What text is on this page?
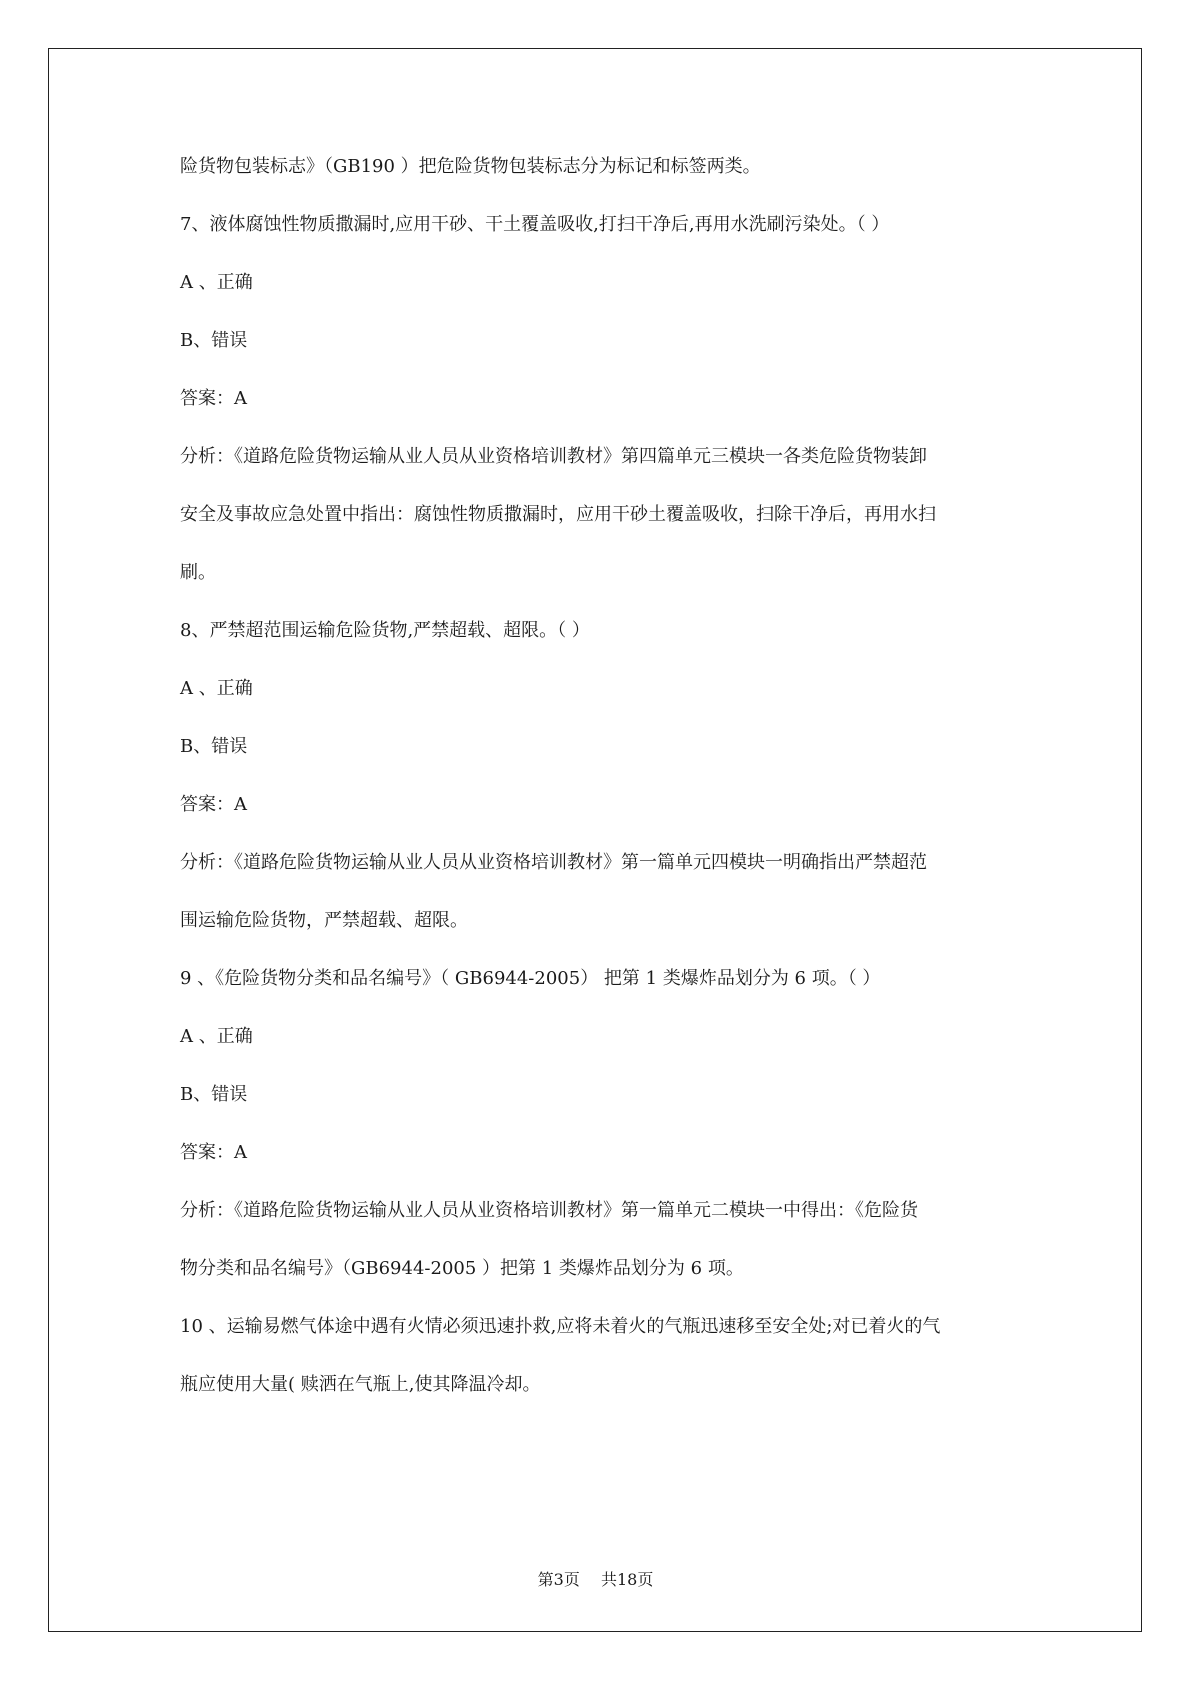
险货物包装标志》（GB190 ）把危险货物包装标志分为标记和标签两类。
7、液体腐蚀性物质撒漏时,应用干砂、干土覆盖吸收,打扫干净后,再用水洗刷污染处。（ ）
A 、正确
B、错误
答案：A
分析：《道路危险货物运输从业人员从业资格培训教材》第四篇单元三模块一各类危险货物装卸
安全及事故应急处置中指出：腐蚀性物质撒漏时，应用干砂土覆盖吸收，扫除干净后，再用水扫
刷。
8、严禁超范围运输危险货物,严禁超载、超限。（ ）
A 、正确
B、错误
答案：A
分析：《道路危险货物运输从业人员从业资格培训教材》第一篇单元四模块一明确指出严禁超范
围运输危险货物，严禁超载、超限。
9 、《危险货物分类和品名编号》（ GB6944-2005） 把第 1 类爆炸品划分为 6 项。（ ）
A 、正确
B、错误
答案：A
分析：《道路危险货物运输从业人员从业资格培训教材》第一篇单元二模块一中得出：《危险货
物分类和品名编号》（GB6944-2005 ）把第 1 类爆炸品划分为 6 项。
10 、运输易燃气体途中遇有火情必须迅速扑救,应将未着火的气瓶迅速移至安全处;对已着火的气
瓶应使用大量( 赎洒在气瓶上,使其降温冷却。
第3页 共18页
